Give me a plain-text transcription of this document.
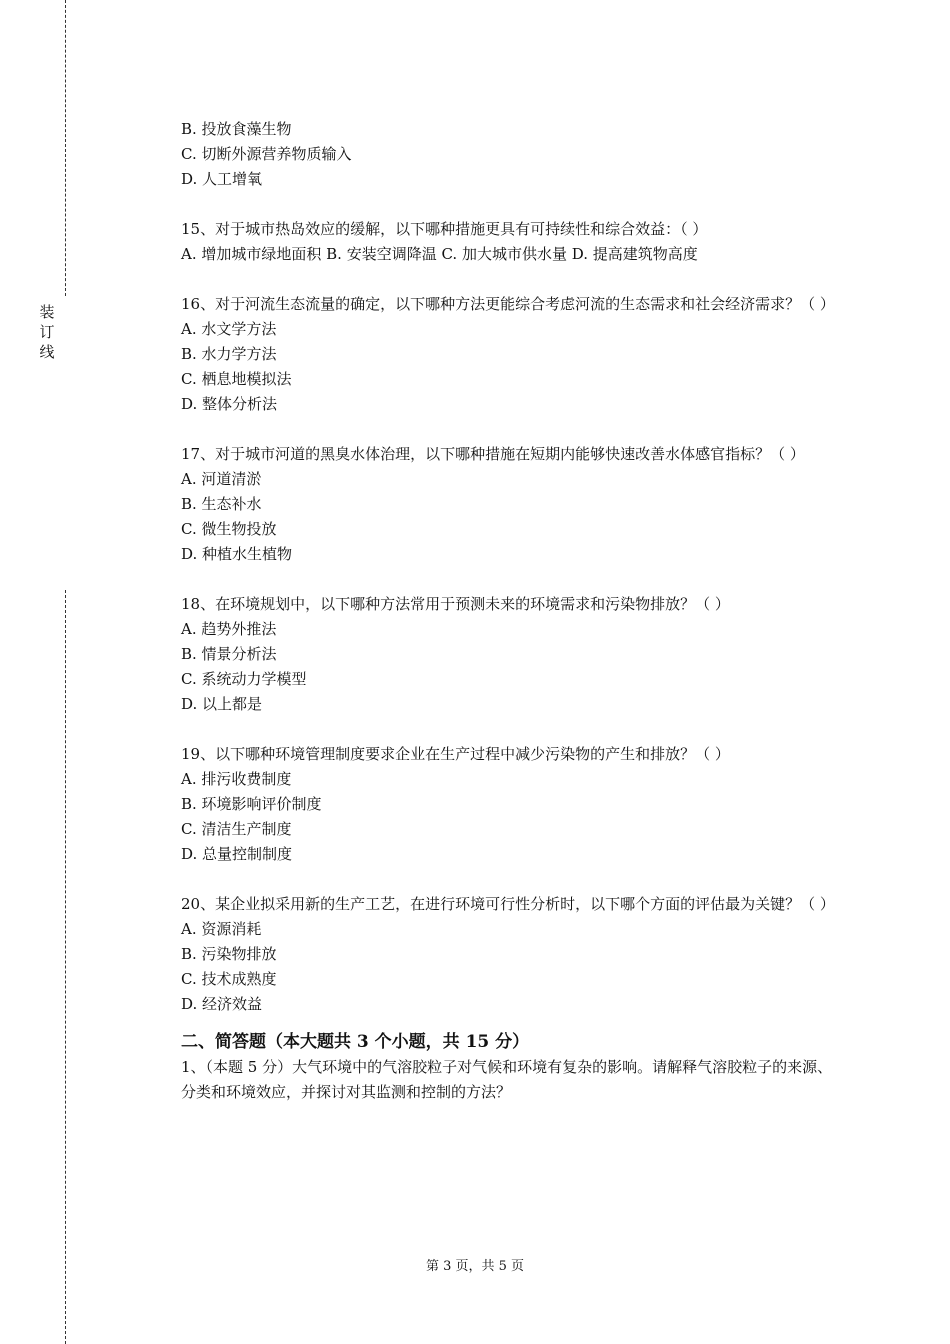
装
订
线

B. 投放食藻生物

C. 切断外源营养物质输入

D. 人工增氧

15、对于城市热岛效应的缓解，以下哪种措施更具有可持续性和综合效益：（ ）

A. 增加城市绿地面积 B. 安装空调降温 C. 加大城市供水量 D. 提高建筑物高度

16、对于河流生态流量的确定，以下哪种方法更能综合考虑河流的生态需求和社会经济需求？（ ）

A. 水文学方法

B. 水力学方法

C. 栖息地模拟法

D. 整体分析法

17、对于城市河道的黑臭水体治理，以下哪种措施在短期内能够快速改善水体感官指标？（ ）

A. 河道清淤

B. 生态补水

C. 微生物投放

D. 种植水生植物

18、在环境规划中，以下哪种方法常用于预测未来的环境需求和污染物排放？（ ）

A. 趋势外推法

B. 情景分析法

C. 系统动力学模型

D. 以上都是

19、以下哪种环境管理制度要求企业在生产过程中减少污染物的产生和排放？（ ）

A. 排污收费制度

B. 环境影响评价制度

C. 清洁生产制度

D. 总量控制制度

20、某企业拟采用新的生产工艺，在进行环境可行性分析时，以下哪个方面的评估最为关键？（ ）

A. 资源消耗

B. 污染物排放

C. 技术成熟度

D. 经济效益

二、简答题（本大题共 3 个小题，共 15 分）

1、（本题 5 分）大气环境中的气溶胶粒子对气候和环境有复杂的影响。请解释气溶胶粒子的来源、分类和环境效应，并探讨对其监测和控制的方法？

第 3 页，共 5 页
